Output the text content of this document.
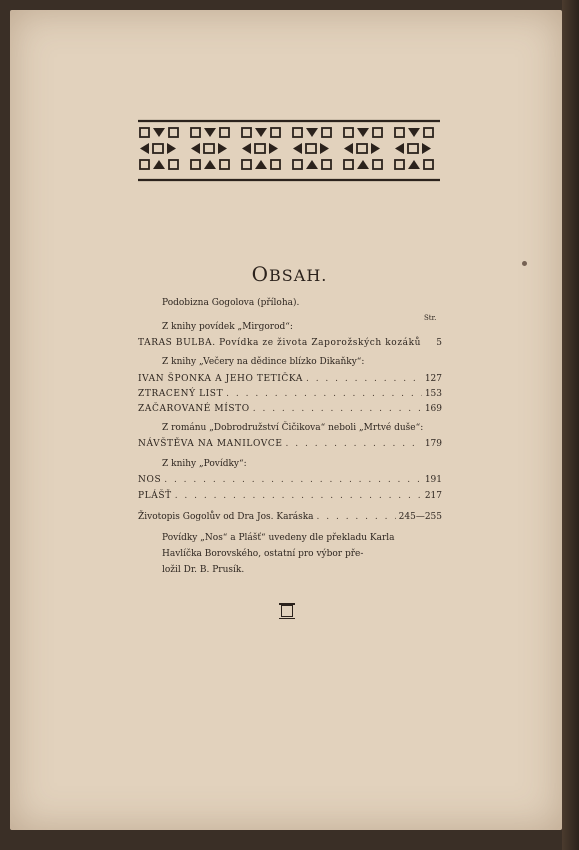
OBSAH.
Podobizna Gogolova (příloha).
Str.
Z knihy povídek „Mirgorod“:
TARAS BULBA. Povídka ze života Zaporožských kozáků	5
Z knihy „Večery na dědince blízko Dikaňky“:
IVAN ŠPONKA A JEHO TETIČKA . . .	127
ZTRACENÝ LIST . . .	153
ZAČAROVANÉ MÍSTO . . .	169
Z románu „Dobrodružství Čičikova“ neboli „Mrtvé duše“:
NÁVŠTĚVA NA MANILOVCE . . .	179
Z knihy „Povídky“:
NOS . . .	191
PLÁŠŤ . . .	217
Životopis Gogolův od Dra Jos. Karáska . . .	245—255
Povídky „Nos“ a Plášť“ uvedeny dle překladu Karla
Havlíčka Borovského, ostatní pro výbor pře-
ložil Dr. B. Prusík.
